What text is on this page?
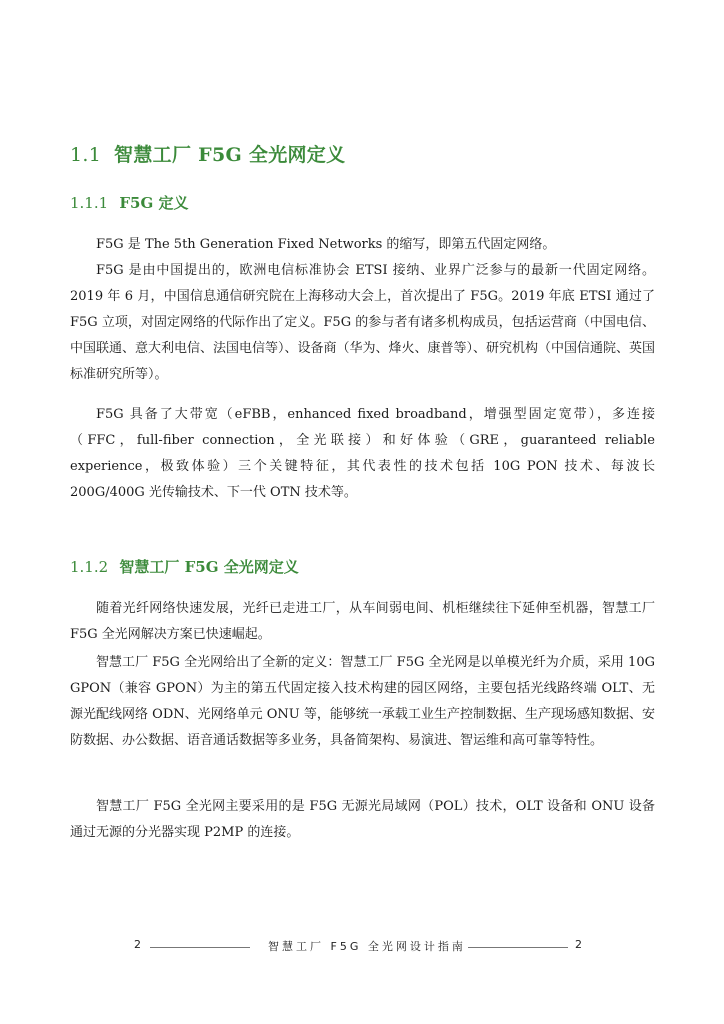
1.1 智慧工厂 F5G 全光网定义
1.1.1 F5G 定义

F5G 是 The 5th Generation Fixed Networks 的缩写，即第五代固定网络。

F5G 是由中国提出的，欧洲电信标准协会 ETSI 接纳、业界广泛参与的最新一代固定网络。2019 年 6 月，中国信息通信研究院在上海移动大会上，首次提出了 F5G。2019 年底 ETSI 通过了 F5G 立项，对固定网络的代际作出了定义。F5G 的参与者有诸多机构成员，包括运营商（中国电信、中国联通、意大利电信、法国电信等）、设备商（华为、烽火、康普等）、研究机构（中国信通院、英国标准研究所等）。

F5G 具备了大带宽（eFBB，enhanced fixed broadband，增强型固定宽带），多连接（FFC，full-fiber connection，全光联接）和好体验（GRE，guaranteed reliable experience，极致体验）三个关键特征，其代表性的技术包括 10G PON 技术、每波长 200G/400G 光传输技术、下一代 OTN 技术等。

1.1.2 智慧工厂 F5G 全光网定义

随着光纤网络快速发展，光纤已走进工厂，从车间弱电间、机柜继续往下延伸至机器，智慧工厂 F5G 全光网解决方案已快速崛起。

智慧工厂 F5G 全光网给出了全新的定义：智慧工厂 F5G 全光网是以单模光纤为介质，采用 10G GPON（兼容 GPON）为主的第五代固定接入技术构建的园区网络，主要包括光线路终端 OLT、无源光配线网络 ODN、光网络单元 ONU 等，能够统一承载工业生产控制数据、生产现场感知数据、安防数据、办公数据、语音通话数据等多业务，具备简架构、易演进、智运维和高可靠等特性。

智慧工厂 F5G 全光网主要采用的是 F5G 无源光局域网（POL）技术，OLT 设备和 ONU 设备通过无源的分光器实现 P2MP 的连接。

2	智慧工厂 F5G 全光网设计指南	2
